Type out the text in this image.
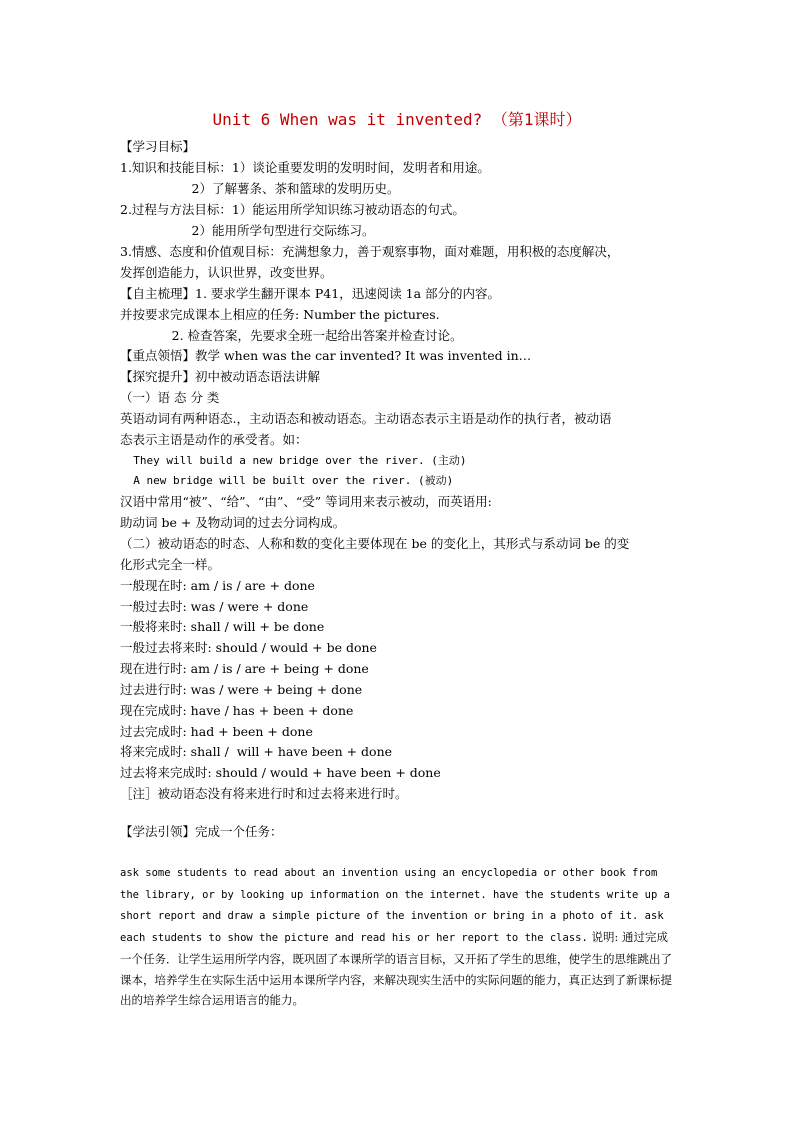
Unit 6 When was it invented? （第1课时）
【学习目标】
1.知识和技能目标：1）谈论重要发明的发明时间，发明者和用途。
2）了解薯条、茶和篮球的发明历史。
2.过程与方法目标：1）能运用所学知识练习被动语态的句式。
2）能用所学句型进行交际练习。
3.情感、态度和价值观目标：充满想象力，善于观察事物，面对难题，用积极的态度解决，
发挥创造能力，认识世界，改变世界。
【自主梳理】1. 要求学生翻开课本 P41，迅速阅读 1a 部分的内容。
并按要求完成课本上相应的任务: Number the pictures.
2. 检查答案，先要求全班一起给出答案并检查讨论。
【重点领悟】教学 when was the car invented? It was invented in…
【探究提升】初中被动语态语法讲解
（一）语 态 分 类
英语动词有两种语态.，主动语态和被动语态。主动语态表示主语是动作的执行者，被动语
态表示主语是动作的承受者。如：
They will build a new bridge over the river. (主动)
A new bridge will be built over the river. (被动)
汉语中常用“被”、“给”、“由”、“受” 等词用来表示被动，而英语用:
助动词 be + 及物动词的过去分词构成。
（二）被动语态的时态、人称和数的变化主要体现在 be 的变化上，其形式与系动词 be 的变
化形式完全一样。
一般现在时: am / is / are + done
一般过去时: was / were + done
一般将来时: shall / will + be done
一般过去将来时: should / would + be done
现在进行时: am / is / are + being + done
过去进行时: was / were + being + done
现在完成时: have / has + been + done
过去完成时: had + been + done
将来完成时: shall /  will + have been + done
过去将来完成时: should / would + have been + done
［注］被动语态没有将来进行时和过去将来进行时。
【学法引领】完成一个任务：
ask some students to read about an invention using an encyclopedia or other book from the library, or by looking up information on the internet. have the students write up a short report and draw a simple picture of the invention or bring in a photo of it. ask each students to show the picture and read his or her report to the class. 说明: 通过完成一个任务．让学生运用所学内容，既巩固了本课所学的语言目标，又开拓了学生的思维，使学生的思维跳出了课本，培养学生在实际生活中运用本课所学内容，来解决现实生活中的实际问题的能力，真正达到了新课标提出的培养学生综合运用语言的能力。
